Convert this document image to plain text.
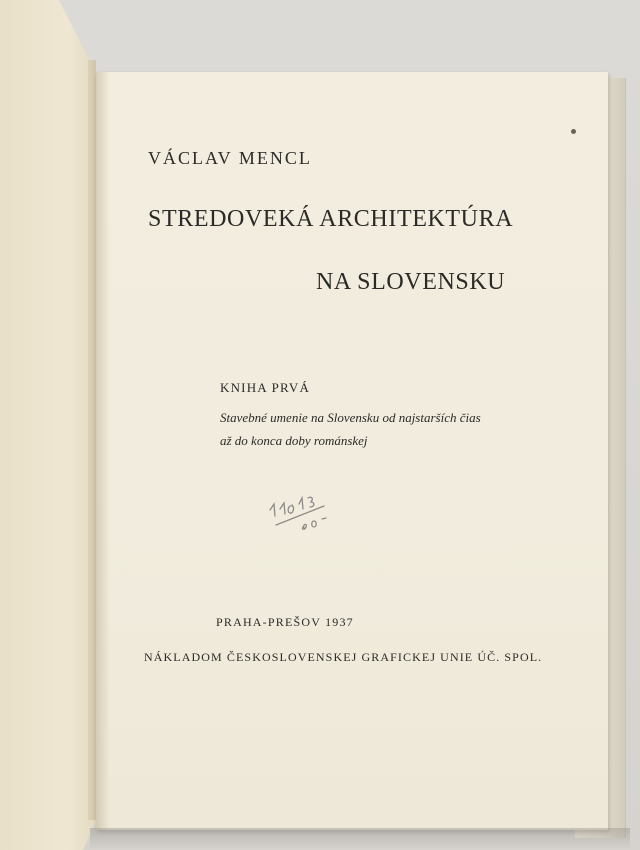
VÁCLAV MENCL
STREDOVEKÁ ARCHITEKTÚRA
NA SLOVENSKU
KNIHA PRVÁ
Stavebné umenie na Slovensku od najstarších čias
až do konca doby románskej
PRAHA-PREŠOV 1937
NÁKLADOM ČESKOSLOVENSKEJ GRAFICKEJ UNIE ÚČ. SPOL.
